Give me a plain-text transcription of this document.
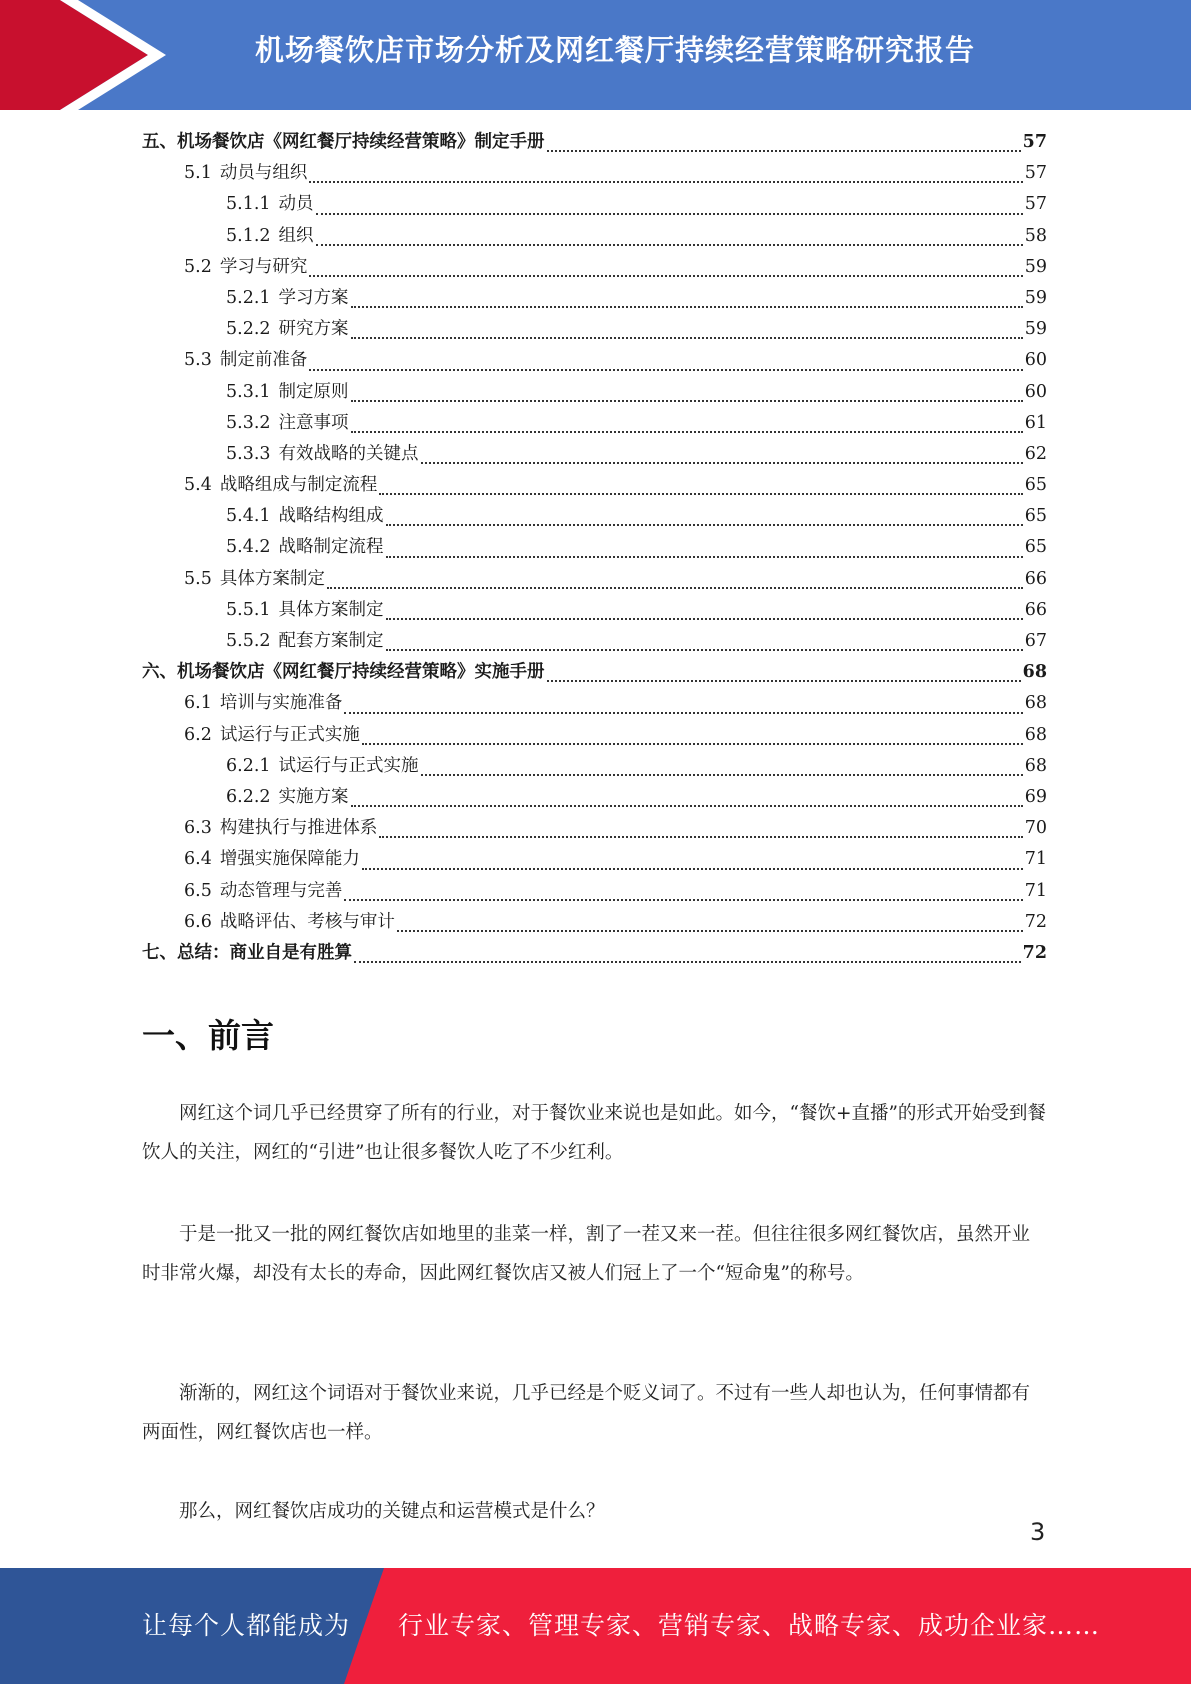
机场餐饮店市场分析及网红餐厅持续经营策略研究报告
五、 机场餐饮店《网红餐厅持续经营策略》制定手册	57
5.1 动员与组织	57
5.1.1 动员	57
5.1.2 组织	58
5.2 学习与研究	59
5.2.1 学习方案	59
5.2.2 研究方案	59
5.3 制定前准备	60
5.3.1 制定原则	60
5.3.2 注意事项	61
5.3.3 有效战略的关键点	62
5.4 战略组成与制定流程	65
5.4.1 战略结构组成	65
5.4.2 战略制定流程	65
5.5 具体方案制定	66
5.5.1 具体方案制定	66
5.5.2 配套方案制定	67
六、 机场餐饮店《网红餐厅持续经营策略》实施手册	68
6.1 培训与实施准备	68
6.2 试运行与正式实施	68
6.2.1 试运行与正式实施	68
6.2.2 实施方案	69
6.3 构建执行与推进体系	70
6.4 增强实施保障能力	71
6.5 动态管理与完善	71
6.6 战略评估、考核与审计	72
七、 总结：商业自是有胜算	72
一、前言

网红这个词几乎已经贯穿了所有的行业，对于餐饮业来说也是如此。如今，“餐饮+直播”的形式开始受到餐饮人的关注，网红的“引进”也让很多餐饮人吃了不少红利。

于是一批又一批的网红餐饮店如地里的韭菜一样，割了一茬又来一茬。但往往很多网红餐饮店，虽然开业时非常火爆，却没有太长的寿命，因此网红餐饮店又被人们冠上了一个“短命鬼”的称号。

渐渐的，网红这个词语对于餐饮业来说，几乎已经是个贬义词了。不过有一些人却也认为，任何事情都有两面性，网红餐饮店也一样。

那么，网红餐饮店成功的关键点和运营模式是什么？

3
让每个人都能成为 行业专家、管理专家、营销专家、战略专家、成功企业家……
